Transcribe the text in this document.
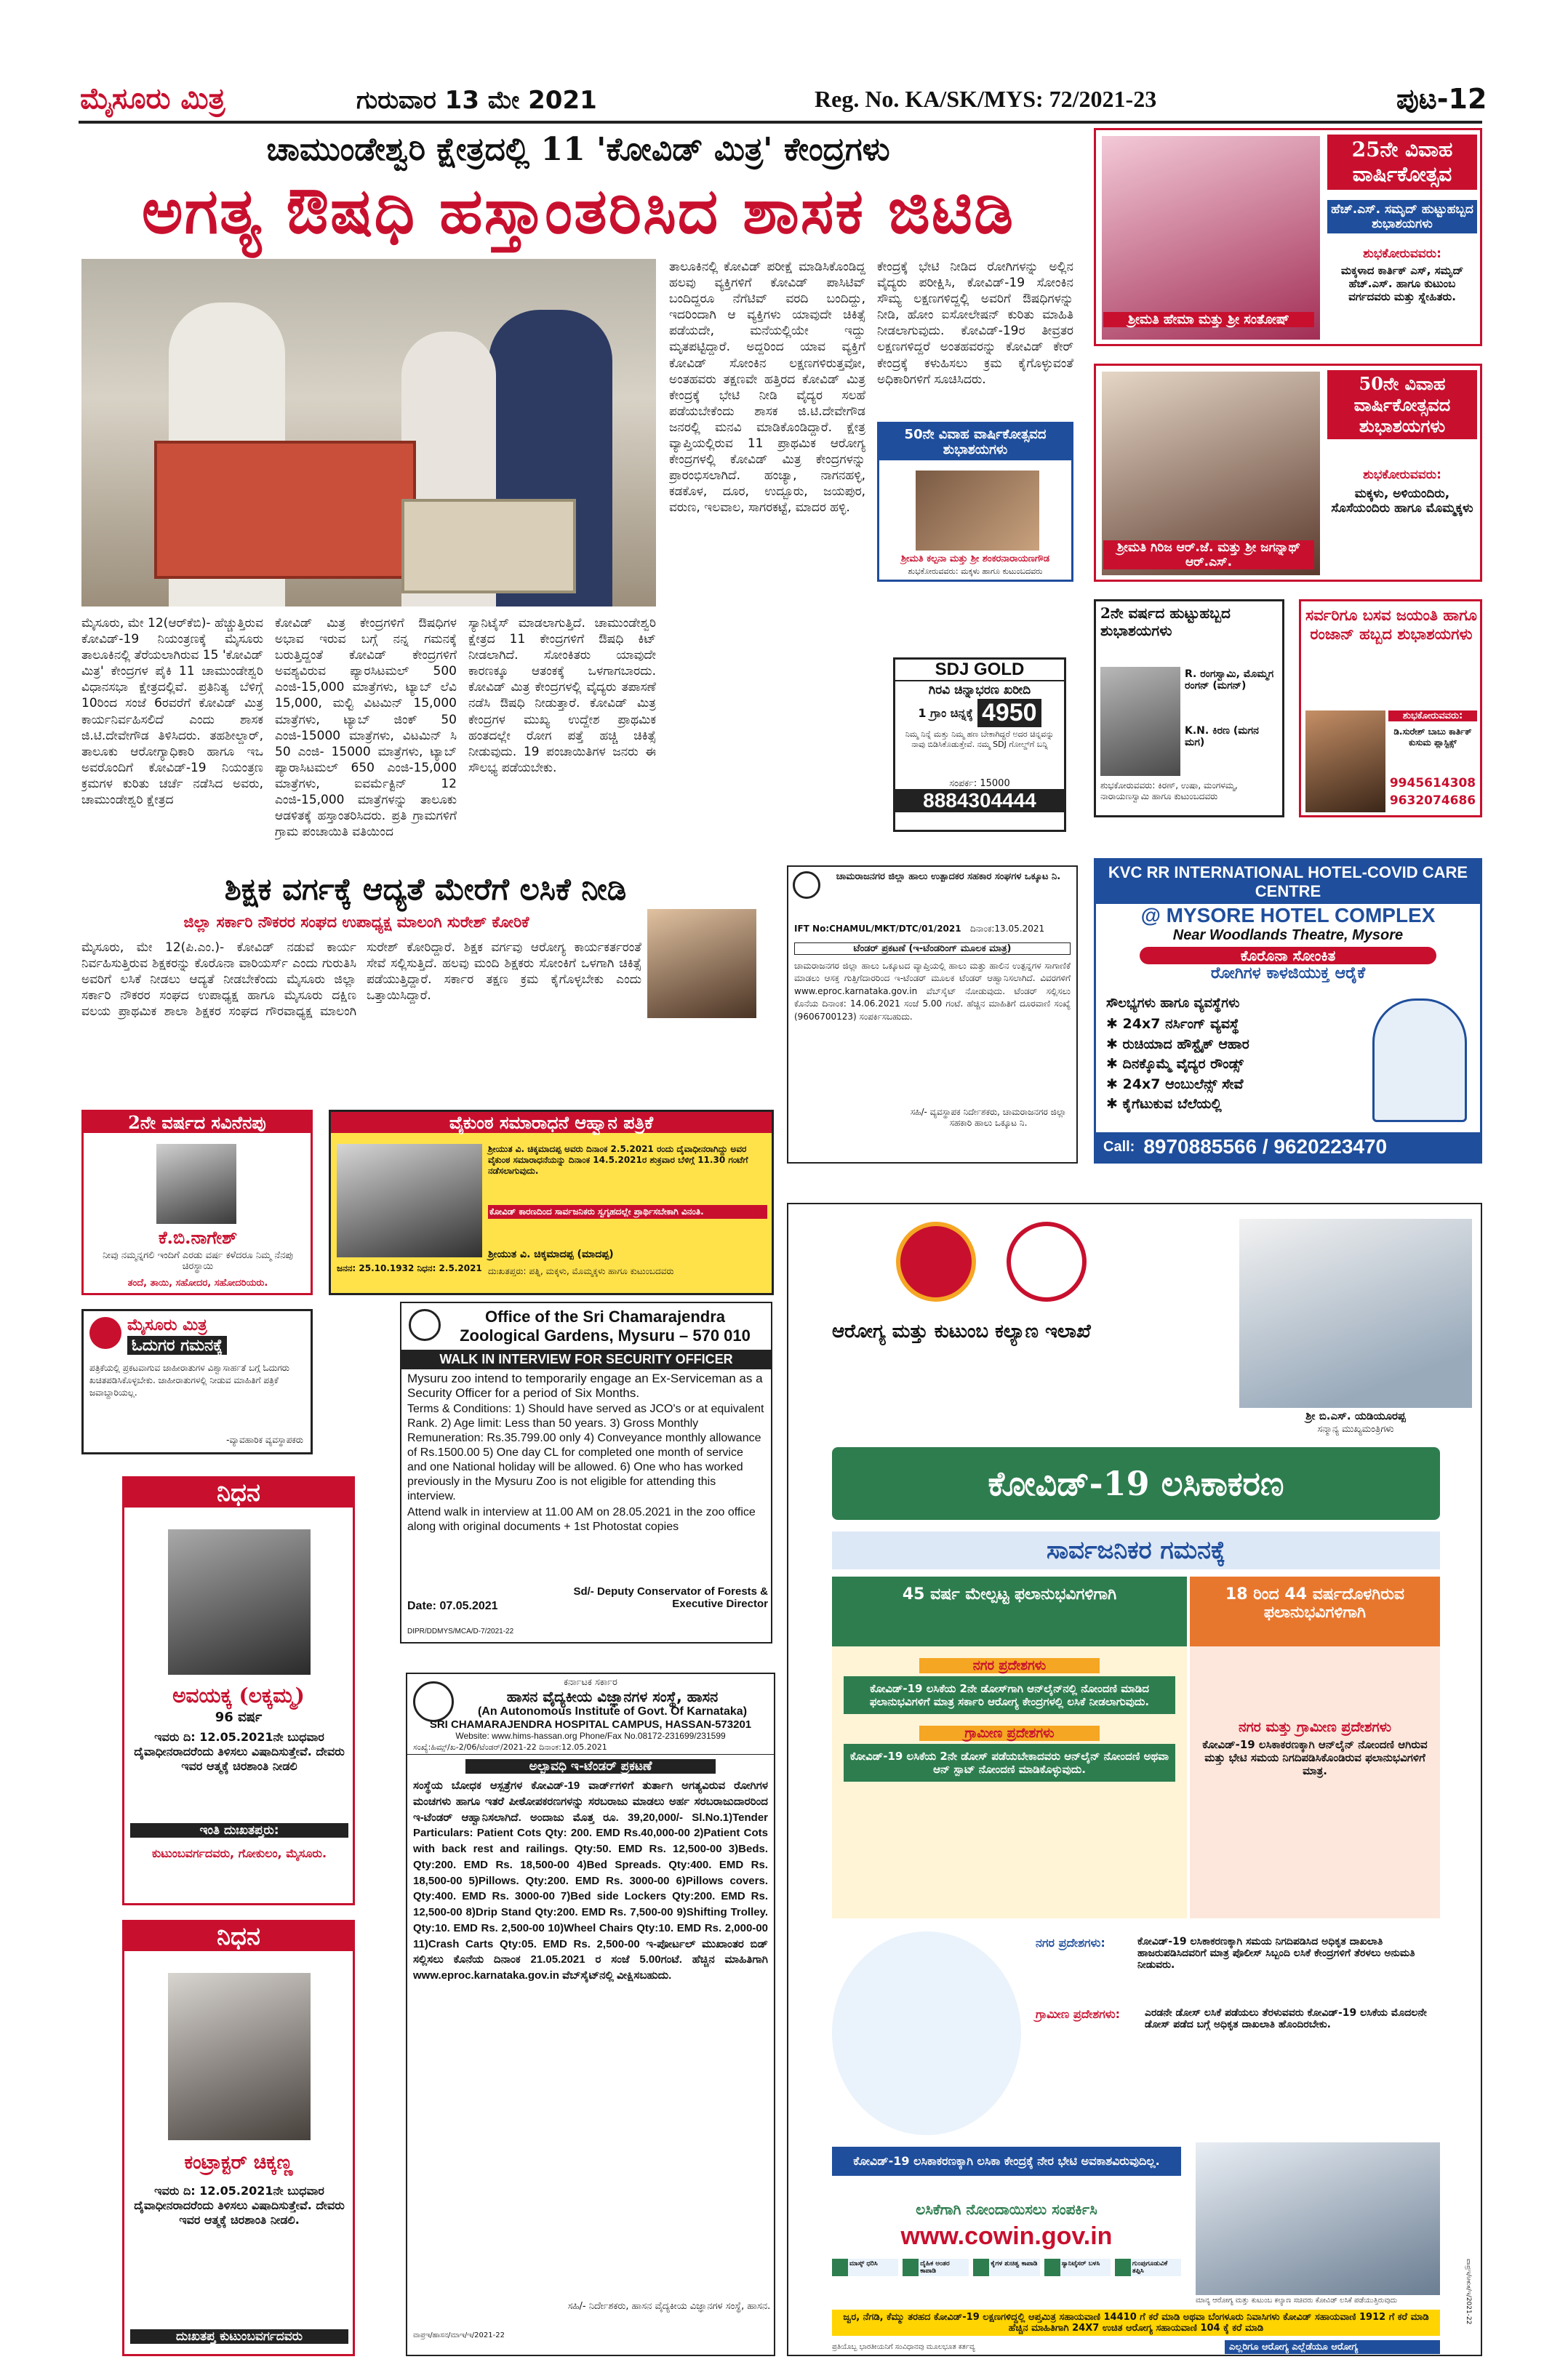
ಮೈಸೂರು ಮಿತ್ರ	ಗುರುವಾರ 13 ಮೇ 2021	Reg. No. KA/SK/MYS: 72/2021-23	ಪುಟ-12
ಚಾಮುಂಡೇಶ್ವರಿ ಕ್ಷೇತ್ರದಲ್ಲಿ 11 'ಕೋವಿಡ್ ಮಿತ್ರ' ಕೇಂದ್ರಗಳು
ಅಗತ್ಯ ಔಷಧಿ ಹಸ್ತಾಂತರಿಸಿದ ಶಾಸಕ ಜಿಟಿಡಿ
ಮೈಸೂರು, ಮೇ 12(ಆರ್‌ಕೆಬಿ)- ಹೆಚ್ಚುತ್ತಿರುವ ಕೋವಿಡ್-19 ನಿಯಂತ್ರಣಕ್ಕೆ ಮೈಸೂರು ತಾಲೂಕಿನಲ್ಲಿ ತೆರೆಯಲಾಗಿರುವ 15 'ಕೋವಿಡ್ ಮಿತ್ರ' ಕೇಂದ್ರಗಳ ಪೈಕಿ 11 ಚಾಮುಂಡೇಶ್ವರಿ ವಿಧಾನಸಭಾ ಕ್ಷೇತ್ರದಲ್ಲಿವೆ. ಪ್ರತಿನಿತ್ಯ ಬೆಳಿಗ್ಗೆ 10ರಿಂದ ಸಂಜೆ 6ರವರೆಗೆ ಕೋವಿಡ್ ಮಿತ್ರ ಕಾರ್ಯನಿರ್ವಹಿಸಲಿದೆ ಎಂದು ಶಾಸಕ ಜಿ.ಟಿ.ದೇವೇಗೌಡ ತಿಳಿಸಿದರು. ತಹಶೀಲ್ದಾರ್, ತಾಲೂಕು ಆರೋಗ್ಯಾಧಿಕಾರಿ ಹಾಗೂ ಇಒ ಅವರೊಂದಿಗೆ ಕೋವಿಡ್-19 ನಿಯಂತ್ರಣ ಕ್ರಮಗಳ ಕುರಿತು ಚರ್ಚೆ ನಡೆಸಿದ ಅವರು, ಚಾಮುಂಡೇಶ್ವರಿ ಕ್ಷೇತ್ರದ
ಕೋವಿಡ್ ಮಿತ್ರ ಕೇಂದ್ರಗಳಿಗೆ ಔಷಧಿಗಳ ಅಭಾವ ಇರುವ ಬಗ್ಗೆ ನನ್ನ ಗಮನಕ್ಕೆ ಬರುತ್ತಿದ್ದಂತೆ ಕೋವಿಡ್ ಕೇಂದ್ರಗಳಿಗೆ ಅವಶ್ಯವಿರುವ ಪ್ಯಾರಸಿಟಮಲ್ 500 ಎಂಜಿ-15,000 ಮಾತ್ರೆಗಳು, ಟ್ಯಾಬ್ ಲೆವಿ 15,000, ಮಲ್ಟಿ ವಿಟಮಿನ್ 15,000 ಮಾತ್ರೆಗಳು, ಟ್ಯಾಬ್ ಜಿಂಕ್ 50 ಎಂಜಿ-15000 ಮಾತ್ರೆಗಳು, ವಿಟಮಿನ್ ಸಿ 50 ಎಂಜಿ- 15000 ಮಾತ್ರೆಗಳು, ಟ್ಯಾಬ್ ಪ್ಯಾರಾಸಿಟಮಲ್ 650 ಎಂಜಿ-15,000 ಮಾತ್ರೆಗಳು, ಐವರ್ಮೆಕ್ಟಿನ್ 12 ಎಂಜಿ-15,000 ಮಾತ್ರೆಗಳನ್ನು ತಾಲೂಕು ಆಡಳಿತಕ್ಕೆ ಹಸ್ತಾಂತರಿಸಿದರು. ಪ್ರತಿ ಗ್ರಾಮಗಳಿಗೆ ಗ್ರಾಮ ಪಂಚಾಯಿತಿ ವತಿಯಿಂದ
ಸ್ಯಾನಿಟೈಸ್ ಮಾಡಲಾಗುತ್ತಿದೆ. ಚಾಮುಂಡೇಶ್ವರಿ ಕ್ಷೇತ್ರದ 11 ಕೇಂದ್ರಗಳಿಗೆ ಔಷಧಿ ಕಿಟ್ ನೀಡಲಾಗಿದೆ. ಸೋಂಕಿತರು ಯಾವುದೇ ಕಾರಣಕ್ಕೂ ಆತಂಕಕ್ಕೆ ಒಳಗಾಗಬಾರದು. ಕೋವಿಡ್ ಮಿತ್ರ ಕೇಂದ್ರಗಳಲ್ಲಿ ವೈದ್ಯರು ತಪಾಸಣೆ ನಡೆಸಿ ಔಷಧಿ ನೀಡುತ್ತಾರೆ. ಕೋವಿಡ್ ಮಿತ್ರ ಕೇಂದ್ರಗಳ ಮುಖ್ಯ ಉದ್ದೇಶ ಪ್ರಾಥಮಿಕ ಹಂತದಲ್ಲೇ ರೋಗ ಪತ್ತೆ ಹಚ್ಚಿ ಚಿಕಿತ್ಸೆ ನೀಡುವುದು. 19 ಪಂಚಾಯಿತಿಗಳ ಜನರು ಈ ಸೌಲಭ್ಯ ಪಡೆಯಬೇಕು.
ತಾಲೂಕಿನಲ್ಲಿ ಕೋವಿಡ್ ಪರೀಕ್ಷೆ ಮಾಡಿಸಿಕೊಂಡಿದ್ದ ಹಲವು ವ್ಯಕ್ತಿಗಳಿಗೆ ಕೋವಿಡ್ ಪಾಸಿಟಿವ್ ಬಂದಿದ್ದರೂ ನೆಗೆಟಿವ್ ವರದಿ ಬಂದಿದ್ದು, ಇದರಿಂದಾಗಿ ಆ ವ್ಯಕ್ತಿಗಳು ಯಾವುದೇ ಚಿಕಿತ್ಸೆ ಪಡೆಯದೇ, ಮನೆಯಲ್ಲಿಯೇ ಇದ್ದು ಮೃತಪಟ್ಟಿದ್ದಾರೆ. ಅದ್ದರಿಂದ ಯಾವ ವ್ಯಕ್ತಿಗೆ ಕೋವಿಡ್ ಸೋಂಕಿನ ಲಕ್ಷಣಗಳಿರುತ್ತವೋ, ಅಂತಹವರು ತಕ್ಷಣವೇ ಹತ್ತಿರದ ಕೋವಿಡ್ ಮಿತ್ರ ಕೇಂದ್ರಕ್ಕೆ ಭೇಟಿ ನೀಡಿ ವೈದ್ಯರ ಸಲಹೆ ಪಡೆಯಬೇಕೆಂದು ಶಾಸಕ ಜಿ.ಟಿ.ದೇವೇಗೌಡ ಜನರಲ್ಲಿ ಮನವಿ ಮಾಡಿಕೊಂಡಿದ್ದಾರೆ. ಕ್ಷೇತ್ರ ವ್ಯಾಪ್ತಿಯಲ್ಲಿರುವ 11 ಪ್ರಾಥಮಿಕ ಆರೋಗ್ಯ ಕೇಂದ್ರಗಳಲ್ಲಿ ಕೋವಿಡ್ ಮಿತ್ರ ಕೇಂದ್ರಗಳನ್ನು ಪ್ರಾರಂಭಿಸಲಾಗಿದೆ. ಹಂಚ್ಯಾ, ನಾಗನಹಳ್ಳಿ, ಕಡಕೊಳ, ದೂರ, ಉದ್ಬೂರು, ಜಯಪುರ, ವರುಣ, ಇಲವಾಲ, ಸಾಗರಕಟ್ಟೆ, ಮಾದರ ಹಳ್ಳಿ.
ಕೇಂದ್ರಕ್ಕೆ ಭೇಟಿ ನೀಡಿದ ರೋಗಿಗಳನ್ನು ಅಲ್ಲಿನ ವೈದ್ಯರು ಪರೀಕ್ಷಿಸಿ, ಕೋವಿಡ್-19 ಸೋಂಕಿನ ಸೌಮ್ಯ ಲಕ್ಷಣಗಳಿದ್ದಲ್ಲಿ ಅವರಿಗೆ ಔಷಧಿಗಳನ್ನು ನೀಡಿ, ಹೋಂ ಐಸೋಲೇಷನ್ ಕುರಿತು ಮಾಹಿತಿ ನೀಡಲಾಗುವುದು. ಕೋವಿಡ್-19ರ ತೀವ್ರತರ ಲಕ್ಷಣಗಳಿದ್ದರೆ ಅಂತಹವರನ್ನು ಕೋವಿಡ್ ಕೇರ್ ಕೇಂದ್ರಕ್ಕೆ ಕಳುಹಿಸಲು ಕ್ರಮ ಕೈಗೊಳ್ಳುವಂತೆ ಅಧಿಕಾರಿಗಳಿಗೆ ಸೂಚಿಸಿದರು.
50ನೇ ವಿವಾಹ ವಾರ್ಷಿಕೋತ್ಸವದ ಶುಭಾಶಯಗಳು
ಶ್ರೀಮತಿ ಕಲ್ಪನಾ ಮತ್ತು ಶ್ರೀ ಶಂಕರನಾರಾಯಣಗೌಡ
ಶುಭಕೋರುವವರು: ಮಕ್ಕಳು ಹಾಗೂ ಕುಟುಂಬದವರು
SDJ GOLD
ಗಿರವಿ ಚಿನ್ನಾಭರಣ ಖರೀದಿ
1 ಗ್ರಾಂ ಚಿನ್ನಕ್ಕೆ 4950
ನಿಮ್ಮ ನಿನ್ನೆ ಮತ್ತು ನಿಮ್ಮ ಹಣ ಬೇಕಾಗಿದ್ದರೆ ಅದರ ಚಿನ್ನವನ್ನು ನಾವು ಬಿಡಿಸಿಕೊಡುತ್ತೇವೆ. ನಮ್ಮ SDJ ಗೋಲ್ಡ್‌ಗೆ ಬನ್ನಿ
ಸಂಪರ್ಕ: 15000
8884304444
ಶ್ರೀಮತಿ ಹೇಮಾ ಮತ್ತು ಶ್ರೀ ಸಂತೋಷ್
25ನೇ ವಿವಾಹ ವಾರ್ಷಿಕೋತ್ಸವ
ಹೆಚ್.ಎಸ್. ಸಮೃದ್ ಹುಟ್ಟುಹಬ್ಬದ ಶುಭಾಶಯಗಳು
ಶುಭಕೋರುವವರು:
ಮಕ್ಕಳಾದ ಕಾರ್ತಿಕ್ ಎಸ್, ಸಮೃದ್ ಹೆಚ್.ಎಸ್. ಹಾಗೂ ಕುಟುಂಬ ವರ್ಗದವರು ಮತ್ತು ಸ್ನೇಹಿತರು.
ಶ್ರೀಮತಿ ಗಿರಿಜ ಆರ್.ಜೆ. ಮತ್ತು ಶ್ರೀ ಜಗನ್ನಾಥ್ ಆರ್.ಎಸ್.
50ನೇ ವಿವಾಹ ವಾರ್ಷಿಕೋತ್ಸವದ ಶುಭಾಶಯಗಳು
ಶುಭಕೋರುವವರು:
ಮಕ್ಕಳು, ಅಳಿಯಂದಿರು, ಸೊಸೆಯಂದಿರು ಹಾಗೂ ಮೊಮ್ಮಕ್ಕಳು
2ನೇ ವರ್ಷದ ಹುಟ್ಟುಹಬ್ಬದ ಶುಭಾಶಯಗಳು
R. ರಂಗಸ್ವಾಮಿ, ಮೊಮ್ಮಗ ರಂಗನ್ (ಮಗನ್)
K.N. ಕಿರಣ (ಮಗನ ಮಗ)
ಶುಭಕೋರುವವರು: ಕಿರಣ್, ಉಷಾ, ಮಂಗಳಮ್ಮ, ನಾರಾಯಣಸ್ವಾಮಿ ಹಾಗೂ ಕುಟುಂಬದವರು
ಸರ್ವರಿಗೂ ಬಸವ ಜಯಂತಿ ಹಾಗೂ ರಂಜಾನ್ ಹಬ್ಬದ ಶುಭಾಶಯಗಳು
ಶುಭಕೋರುವವರು:
ಡಿ.ಸುರೇಶ್ ಬಾಬು ಕಾರ್ತಿಕ್ ಕುಸುಮ ಪ್ಲಾಸ್ಟಿಕ್ಸ್
9945614308
9632074686
ಶಿಕ್ಷಕ ವರ್ಗಕ್ಕೆ ಆದ್ಯತೆ ಮೇರೆಗೆ ಲಸಿಕೆ ನೀಡಿ
ಜಿಲ್ಲಾ ಸರ್ಕಾರಿ ನೌಕರರ ಸಂಘದ ಉಪಾಧ್ಯಕ್ಷ ಮಾಲಂಗಿ ಸುರೇಶ್ ಕೋರಿಕೆ
ಮೈಸೂರು, ಮೇ 12(ಪಿ.ಎಂ.)- ಕೋವಿಡ್ ನಡುವೆ ಕಾರ್ಯ ನಿರ್ವಹಿಸುತ್ತಿರುವ ಶಿಕ್ಷಕರನ್ನು ಕೊರೊನಾ ವಾರಿಯರ್ಸ್ ಎಂದು ಗುರುತಿಸಿ ಅವರಿಗೆ ಲಸಿಕೆ ನೀಡಲು ಆದ್ಯತೆ ನೀಡಬೇಕೆಂದು ಮೈಸೂರು ಜಿಲ್ಲಾ ಸರ್ಕಾರಿ ನೌಕರರ ಸಂಘದ ಉಪಾಧ್ಯಕ್ಷ ಹಾಗೂ ಮೈಸೂರು ದಕ್ಷಿಣ ವಲಯ ಪ್ರಾಥಮಿಕ ಶಾಲಾ ಶಿಕ್ಷಕರ ಸಂಘದ ಗೌರವಾಧ್ಯಕ್ಷ ಮಾಲಂಗಿ ಸುರೇಶ್ ಕೋರಿದ್ದಾರೆ. ಶಿಕ್ಷಕ ವರ್ಗವು ಆರೋಗ್ಯ ಕಾರ್ಯಕರ್ತರಂತೆ ಸೇವೆ ಸಲ್ಲಿಸುತ್ತಿದೆ. ಹಲವು ಮಂದಿ ಶಿಕ್ಷಕರು ಸೋಂಕಿಗೆ ಒಳಗಾಗಿ ಚಿಕಿತ್ಸೆ ಪಡೆಯುತ್ತಿದ್ದಾರೆ. ಸರ್ಕಾರ ತಕ್ಷಣ ಕ್ರಮ ಕೈಗೊಳ್ಳಬೇಕು ಎಂದು ಒತ್ತಾಯಿಸಿದ್ದಾರೆ.
ಚಾಮರಾಜನಗರ ಜಿಲ್ಲಾ ಹಾಲು ಉತ್ಪಾದಕರ ಸಹಕಾರ ಸಂಘಗಳ ಒಕ್ಕೂಟ ನಿ.
IFT No:CHAMUL/MKT/DTC/01/2021 ದಿನಾಂಕ:13.05.2021
ಟೆಂಡರ್ ಪ್ರಕಟಣೆ (ಇ-ಟೆಂಡರಿಂಗ್ ಮೂಲಕ ಮಾತ್ರ)
ಚಾಮರಾಜನಗರ ಜಿಲ್ಲಾ ಹಾಲು ಒಕ್ಕೂಟದ ವ್ಯಾಪ್ತಿಯಲ್ಲಿ ಹಾಲು ಮತ್ತು ಹಾಲಿನ ಉತ್ಪನ್ನಗಳ ಸಾಗಾಣಿಕೆ ಮಾಡಲು ಆಸಕ್ತ ಗುತ್ತಿಗೆದಾರರಿಂದ ಇ-ಟೆಂಡರ್ ಮೂಲಕ ಟೆಂಡರ್ ಆಹ್ವಾನಿಸಲಾಗಿದೆ. ವಿವರಗಳಿಗೆ www.eproc.karnataka.gov.in ವೆಬ್‌ಸೈಟ್ ನೋಡುವುದು. ಟೆಂಡರ್ ಸಲ್ಲಿಸಲು ಕೊನೆಯ ದಿನಾಂಕ: 14.06.2021 ಸಂಜೆ 5.00 ಗಂಟೆ. ಹೆಚ್ಚಿನ ಮಾಹಿತಿಗೆ ದೂರವಾಣಿ ಸಂಖ್ಯೆ (9606700123) ಸಂಪರ್ಕಿಸಬಹುದು.
ಸಹಿ/- ವ್ಯವಸ್ಥಾಪಕ ನಿರ್ದೇಶಕರು, ಚಾಮರಾಜನಗರ ಜಿಲ್ಲಾ ಸಹಕಾರಿ ಹಾಲು ಒಕ್ಕೂಟ ನಿ.
KVC RR INTERNATIONAL HOTEL-COVID CARE CENTRE
@ MYSORE HOTEL COMPLEX
Near Woodlands Theatre, Mysore
ಕೊರೊನಾ ಸೋಂಕಿತ
ರೋಗಿಗಳ ಕಾಳಜಿಯುಕ್ತ ಆರೈಕೆ
ಸೌಲಭ್ಯಗಳು ಹಾಗೂ ವ್ಯವಸ್ಥೆಗಳು
✱ 24x7 ನರ್ಸಿಂಗ್ ವ್ಯವಸ್ಥೆ
✱ ರುಚಿಯಾದ ಹೌಸ್ಟೈಕ್ ಆಹಾರ
✱ ದಿನಕ್ಕೊಮ್ಮೆ ವೈದ್ಯರ ರೌಂಡ್ಸ್
✱ 24x7 ಆಂಬುಲೆನ್ಸ್ ಸೇವೆ
✱ ಕೈಗೆಟುಕುವ ಬೆಲೆಯಲ್ಲಿ
Call: 8970885566 / 9620223470
2ನೇ ವರ್ಷದ ಸವಿನೆನಪು
ಕೆ.ಬಿ.ನಾಗೇಶ್
ನೀವು ನಮ್ಮನ್ನಗಲಿ ಇಂದಿಗೆ ಎರಡು ವರ್ಷ ಕಳೆದರೂ ನಿಮ್ಮ ನೆನಪು ಚಿರಸ್ಥಾಯಿ
ತಂದೆ, ತಾಯಿ, ಸಹೋದರ, ಸಹೋದರಿಯರು.
ವೈಕುಂಠ ಸಮಾರಾಧನೆ ಆಹ್ವಾನ ಪತ್ರಿಕೆ
ಶ್ರೀಯುತ ವಿ. ಚಿಕ್ಕಮಾದಪ್ಪ ಅವರು ದಿನಾಂಕ 2.5.2021 ರಂದು ದೈವಾಧೀನರಾಗಿದ್ದು ಅವರ ವೈಕುಂಠ ಸಮಾರಾಧನೆಯನ್ನು ದಿನಾಂಕ 14.5.2021ರ ಶುಕ್ರವಾರ ಬೆಳಿಗ್ಗೆ 11.30 ಗಂಟೆಗೆ ನಡೆಸಲಾಗುವುದು.
ಕೋವಿಡ್ ಕಾರಣದಿಂದ ಸಾರ್ವಜನಿಕರು ಸ್ವಗೃಹದಲ್ಲೇ ಪ್ರಾರ್ಥಿಸಬೇಕಾಗಿ ವಿನಂತಿ.
ಶ್ರೀಯುತ ವಿ. ಚಿಕ್ಕಮಾದಪ್ಪ (ಮಾದಪ್ಪ)
ಜನನ: 25.10.1932 ನಿಧನ: 2.5.2021 ದುಃಖತಪ್ತರು: ಪತ್ನಿ, ಮಕ್ಕಳು, ಮೊಮ್ಮಕ್ಕಳು ಹಾಗೂ ಕುಟುಂಬದವರು
ಮೈಸೂರು ಮಿತ್ರ
ಓದುಗರ ಗಮನಕ್ಕೆ
ಪತ್ರಿಕೆಯಲ್ಲಿ ಪ್ರಕಟವಾಗುವ ಜಾಹೀರಾತುಗಳ ವಿಶ್ವಾಸಾರ್ಹತೆ ಬಗ್ಗೆ ಓದುಗರು ಖಚಿತಪಡಿಸಿಕೊಳ್ಳಬೇಕು. ಜಾಹೀರಾತುಗಳಲ್ಲಿ ನೀಡುವ ಮಾಹಿತಿಗೆ ಪತ್ರಿಕೆ ಜವಾಬ್ದಾರಿಯಲ್ಲ.
-ವ್ಯಾವಹಾರಿಕ ವ್ಯವಸ್ಥಾಪಕರು
Office of the Sri Chamarajendra Zoological Gardens, Mysuru – 570 010
WALK IN INTERVIEW FOR SECURITY OFFICER
Mysuru zoo intend to temporarily engage an Ex-Serviceman as a Security Officer for a period of Six Months.
Terms & Conditions: 1) Should have served as JCO's or at equivalent Rank. 2) Age limit: Less than 50 years. 3) Gross Monthly Remuneration: Rs.35.799.00 only 4) Conveyance monthly allowance of Rs.1500.00 5) One day CL for completed one month of service and one National holiday will be allowed. 6) One who has worked previously in the Mysuru Zoo is not eligible for attending this interview.
Attend walk in interview at 11.00 AM on 28.05.2021 in the zoo office along with original documents + 1st Photostat copies
Sd/- Deputy Conservator of Forests & Executive Director
Date: 07.05.2021
DIPR/DDMYS/MCA/D-7/2021-22
ನಿಧನ
ಅವಯಕ್ಕ (ಲಕ್ಕಮ್ಮ)
96 ವರ್ಷ
ಇವರು ದಿ: 12.05.2021ನೇ ಬುಧವಾರ ದೈವಾಧೀನರಾದರೆಂದು ತಿಳಿಸಲು ವಿಷಾದಿಸುತ್ತೇವೆ. ದೇವರು ಇವರ ಆತ್ಮಕ್ಕೆ ಚಿರಶಾಂತಿ ನೀಡಲಿ
ಇಂತಿ ದುಃಖತಪ್ತರು:
ಕುಟುಂಬವರ್ಗದವರು, ಗೋಕುಲಂ, ಮೈಸೂರು.
ನಿಧನ
ಕಂಟ್ರಾಕ್ಟರ್ ಚಿಕ್ಕಣ್ಣ
ಇವರು ದಿ: 12.05.2021ನೇ ಬುಧವಾರ ದೈವಾಧೀನರಾದರೆಂದು ತಿಳಿಸಲು ವಿಷಾದಿಸುತ್ತೇವೆ. ದೇವರು ಇವರ ಆತ್ಮಕ್ಕೆ ಚಿರಶಾಂತಿ ನೀಡಲಿ.
ದುಃಖತಪ್ತ ಕುಟುಂಬವರ್ಗದವರು
ಕರ್ನಾಟಕ ಸರ್ಕಾರ
ಹಾಸನ ವೈದ್ಯಕೀಯ ವಿಜ್ಞಾನಗಳ ಸಂಸ್ಥೆ, ಹಾಸನ
(An Autonomous Institute of Govt. Of Karnataka)
SRI CHAMARAJENDRA HOSPITAL CAMPUS, HASSAN-573201
Website: www.hims-hassan.org Phone/Fax No.08172-231699/231599
ಸಂಖ್ಯೆ:ಹಿಮ್ಸ್/ಖ-2/06/ಟೆಂಡರ್/2021-22 ದಿನಾಂಕ:12.05.2021
ಅಲ್ಪಾವಧಿ ಇ-ಟೆಂಡರ್ ಪ್ರಕಟಣೆ
ಸಂಸ್ಥೆಯ ಬೋಧಕ ಆಸ್ಪತ್ರೆಗಳ ಕೋವಿಡ್-19 ವಾರ್ಡ್‌ಗಳಿಗೆ ತುರ್ತಾಗಿ ಅಗತ್ಯವಿರುವ ರೋಗಿಗಳ ಮಂಚಗಳು ಹಾಗೂ ಇತರೆ ಪೀಠೋಪಕರಣಗಳನ್ನು ಸರಬರಾಜು ಮಾಡಲು ಅರ್ಹ ಸರಬರಾಜುದಾರರಿಂದ ಇ-ಟೆಂಡರ್ ಆಹ್ವಾನಿಸಲಾಗಿದೆ. ಅಂದಾಜು ಮೊತ್ತ ರೂ. 39,20,000/- Sl.No.1)Tender Particulars: Patient Cots Qty: 200. EMD Rs.40,000-00 2)Patient Cots with back rest and railings. Qty:50. EMD Rs. 12,500-00 3)Beds. Qty:200. EMD Rs. 18,500-00 4)Bed Spreads. Qty:400. EMD Rs. 18,500-00 5)Pillows. Qty:200. EMD Rs. 3000-00 6)Pillows covers. Qty:400. EMD Rs. 3000-00 7)Bed side Lockers Qty:200. EMD Rs. 12,500-00 8)Drip Stand Qty:200. EMD Rs. 7,500-00 9)Shifting Trolley. Qty:10. EMD Rs. 2,500-00 10)Wheel Chairs Qty:10. EMD Rs. 2,000-00 11)Crash Carts Qty:05. EMD Rs. 2,500-00 ಇ-ಪೋರ್ಟಲ್ ಮುಖಾಂತರ ಬಿಡ್ ಸಲ್ಲಿಸಲು ಕೊನೆಯ ದಿನಾಂಕ 21.05.2021 ರ ಸಂಜೆ 5.00ಗಂಟೆ. ಹೆಚ್ಚಿನ ಮಾಹಿತಿಗಾಗಿ www.eproc.karnataka.gov.in ವೆಬ್‌ಸೈಟ್‌ನಲ್ಲಿ ವೀಕ್ಷಿಸಬಹುದು.
ಸಹಿ/- ನಿರ್ದೇಶಕರು, ಹಾಸನ ವೈದ್ಯಕೀಯ ವಿಜ್ಞಾನಗಳ ಸಂಸ್ಥೆ, ಹಾಸನ.
ವಾಪ್ರಇ/ಹಾಸನ/ಮಾಇ/ಇ/2021-22
ಆರೋಗ್ಯ ಮತ್ತು ಕುಟುಂಬ ಕಲ್ಯಾಣ ಇಲಾಖೆ
ಶ್ರೀ ಬಿ.ಎಸ್. ಯಡಿಯೂರಪ್ಪ
ಸನ್ಮಾನ್ಯ ಮುಖ್ಯಮಂತ್ರಿಗಳು
ಕೋವಿಡ್-19 ಲಸಿಕಾಕರಣ
ಸಾರ್ವಜನಿಕರ ಗಮನಕ್ಕೆ
45 ವರ್ಷ ಮೇಲ್ಪಟ್ಟ ಫಲಾನುಭವಿಗಳಿಗಾಗಿ
ನಗರ ಪ್ರದೇಶಗಳು
ಕೋವಿಡ್-19 ಲಸಿಕೆಯ 2ನೇ ಡೋಸ್‌ಗಾಗಿ ಆನ್‌ಲೈನ್‌ನಲ್ಲಿ ನೋಂದಣಿ ಮಾಡಿದ ಫಲಾನುಭವಿಗಳಿಗೆ ಮಾತ್ರ ಸರ್ಕಾರಿ ಆರೋಗ್ಯ ಕೇಂದ್ರಗಳಲ್ಲಿ ಲಸಿಕೆ ನೀಡಲಾಗುವುದು.
ಗ್ರಾಮೀಣ ಪ್ರದೇಶಗಳು
ಕೋವಿಡ್-19 ಲಸಿಕೆಯ 2ನೇ ಡೋಸ್ ಪಡೆಯಬೇಕಾದವರು ಆನ್‌ಲೈನ್ ನೋಂದಣಿ ಅಥವಾ ಆನ್ ಸ್ಪಾಟ್ ನೋಂದಣಿ ಮಾಡಿಕೊಳ್ಳುವುದು.
18 ರಿಂದ 44 ವರ್ಷದೊಳಗಿರುವ ಫಲಾನುಭವಿಗಳಿಗಾಗಿ
ನಗರ ಮತ್ತು ಗ್ರಾಮೀಣ ಪ್ರದೇಶಗಳು
ಕೋವಿಡ್-19 ಲಸಿಕಾಕರಣಕ್ಕಾಗಿ ಆನ್‌ಲೈನ್ ನೋಂದಣಿ ಆಗಿರುವ ಮತ್ತು ಭೇಟಿ ಸಮಯ ನಿಗದಿಪಡಿಸಿಕೊಂಡಿರುವ ಫಲಾನುಭವಿಗಳಿಗೆ ಮಾತ್ರ.
ನಗರ ಪ್ರದೇಶಗಳು:	ಕೋವಿಡ್-19 ಲಸಿಕಾಕರಣಕ್ಕಾಗಿ ಸಮಯ ನಿಗದಿಪಡಿಸಿದ ಅಧಿಕೃತ ದಾಖಲಾತಿ ಹಾಜರುಪಡಿಸಿದವರಿಗೆ ಮಾತ್ರ ಪೊಲೀಸ್ ಸಿಬ್ಬಂದಿ ಲಸಿಕೆ ಕೇಂದ್ರಗಳಿಗೆ ತೆರಳಲು ಅನುಮತಿ ನೀಡುವರು.
ಗ್ರಾಮೀಣ ಪ್ರದೇಶಗಳು: ಎರಡನೇ ಡೋಸ್ ಲಸಿಕೆ ಪಡೆಯಲು ತೆರಳುವವರು ಕೋವಿಡ್-19 ಲಸಿಕೆಯ ಮೊದಲನೇ ಡೋಸ್ ಪಡೆದ ಬಗ್ಗೆ ಅಧಿಕೃತ ದಾಖಲಾತಿ ಹೊಂದಿರಬೇಕು.
ಕೋವಿಡ್-19 ಲಸಿಕಾಕರಣಕ್ಕಾಗಿ ಲಸಿಕಾ ಕೇಂದ್ರಕ್ಕೆ ನೇರ ಭೇಟಿ ಅವಕಾಶವಿರುವುದಿಲ್ಲ.
ಲಸಿಕೆಗಾಗಿ ನೋಂದಾಯಿಸಲು ಸಂಪರ್ಕಿಸಿ
www.cowin.gov.in
ಮಾಸ್ಕ್ ಧರಿಸಿ	ದೈಹಿಕ ಅಂತರ ಕಾಪಾಡಿ
ಕೈಗಳ ಶುಚಿತ್ವ ಕಾಪಾಡಿ	ಸ್ಯಾನಿಟೈಸರ್ ಬಳಸಿ	ಗುಂಪುಗೂಡುವಿಕೆ ತಪ್ಪಿಸಿ
ಮಾನ್ಯ ಆರೋಗ್ಯ ಮತ್ತು ಕುಟುಂಬ ಕಲ್ಯಾಣ ಸಚಿವರು ಕೋವಿಡ್ ಲಸಿಕೆ ಪಡೆಯುತ್ತಿರುವುದು
ಜ್ವರ, ನೆಗಡಿ, ಕೆಮ್ಮು ತರಹದ ಕೋವಿಡ್-19 ಲಕ್ಷಣಗಳಿದ್ದಲ್ಲಿ ಆಪ್ತಮಿತ್ರ ಸಹಾಯವಾಣಿ 14410 ಗೆ ಕರೆ ಮಾಡಿ ಅಥವಾ ಬೆಂಗಳೂರು ನಿವಾಸಿಗಳು ಕೋವಿಡ್ ಸಹಾಯವಾಣಿ 1912 ಗೆ ಕರೆ ಮಾಡಿ ಹೆಚ್ಚಿನ ಮಾಹಿತಿಗಾಗಿ 24X7 ಉಚಿತ ಆರೋಗ್ಯ ಸಹಾಯವಾಣಿ 104 ಕ್ಕೆ ಕರೆ ಮಾಡಿ
ಪ್ರತಿಯೊಬ್ಬ ಭಾರತೀಯನಿಗೆ ಸಂವಿಧಾನವು ಮೂಲಭೂತ ಕರ್ತವ್ಯ	ಎಲ್ಲರಿಗೂ ಆರೋಗ್ಯ ಎಲ್ಲೆಡೆಯೂ ಆರೋಗ್ಯ
ವಾಪ್ರಇ/ಆಕುಕ/ಇ/2021-22
